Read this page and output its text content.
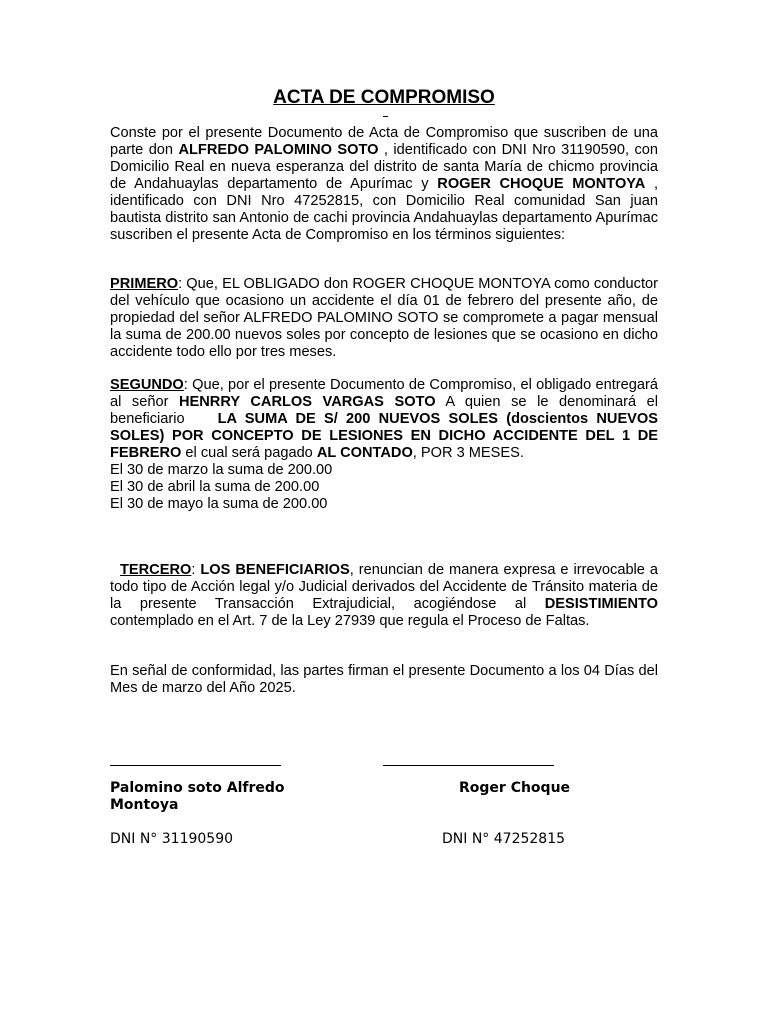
ACTA DE COMPROMISO

Conste por el presente Documento de Acta de Compromiso que suscriben de una parte don ALFREDO PALOMINO SOTO , identificado con DNI Nro 31190590, con Domicilio Real en nueva esperanza del distrito de santa María de chicmo provincia de Andahuaylas departamento de Apurímac y ROGER CHOQUE MONTOYA , identificado con DNI Nro 47252815, con Domicilio Real comunidad San juan bautista distrito san Antonio de cachi provincia Andahuaylas departamento Apurímac suscriben el presente Acta de Compromiso en los términos siguientes:

PRIMERO: Que, EL OBLIGADO don ROGER CHOQUE MONTOYA como conductor del vehículo que ocasiono un accidente el día 01 de febrero del presente año, de propiedad del señor ALFREDO PALOMINO SOTO se compromete a pagar mensual la suma de 200.00 nuevos soles por concepto de lesiones que se ocasiono en dicho accidente todo ello por tres meses.

SEGUNDO: Que, por el presente Documento de Compromiso, el obligado entregará al señor HENRRY CARLOS VARGAS SOTO A quien se le denominará el beneficiario    LA SUMA DE S/ 200 NUEVOS SOLES (doscientos NUEVOS SOLES) POR CONCEPTO DE LESIONES EN DICHO ACCIDENTE DEL 1 DE FEBRERO el cual será pagado AL CONTADO, POR 3 MESES.

El 30 de marzo la suma de 200.00

El 30 de abril la suma de 200.00

El 30 de mayo la suma de 200.00

TERCERO: LOS BENEFICIARIOS, renuncian de manera expresa e irrevocable a todo tipo de Acción legal y/o Judicial derivados del Accidente de Tránsito materia de la presente Transacción Extrajudicial, acogiéndose al DESISTIMIENTO contemplado en el Art. 7 de la Ley 27939 que regula el Proceso de Faltas.

En señal de conformidad, las partes firman el presente Documento a los 04 Días del Mes de marzo del Año 2025.

Palomino soto Alfredo
Montoya
Roger Choque
DNI N° 31190590	DNI N° 47252815
